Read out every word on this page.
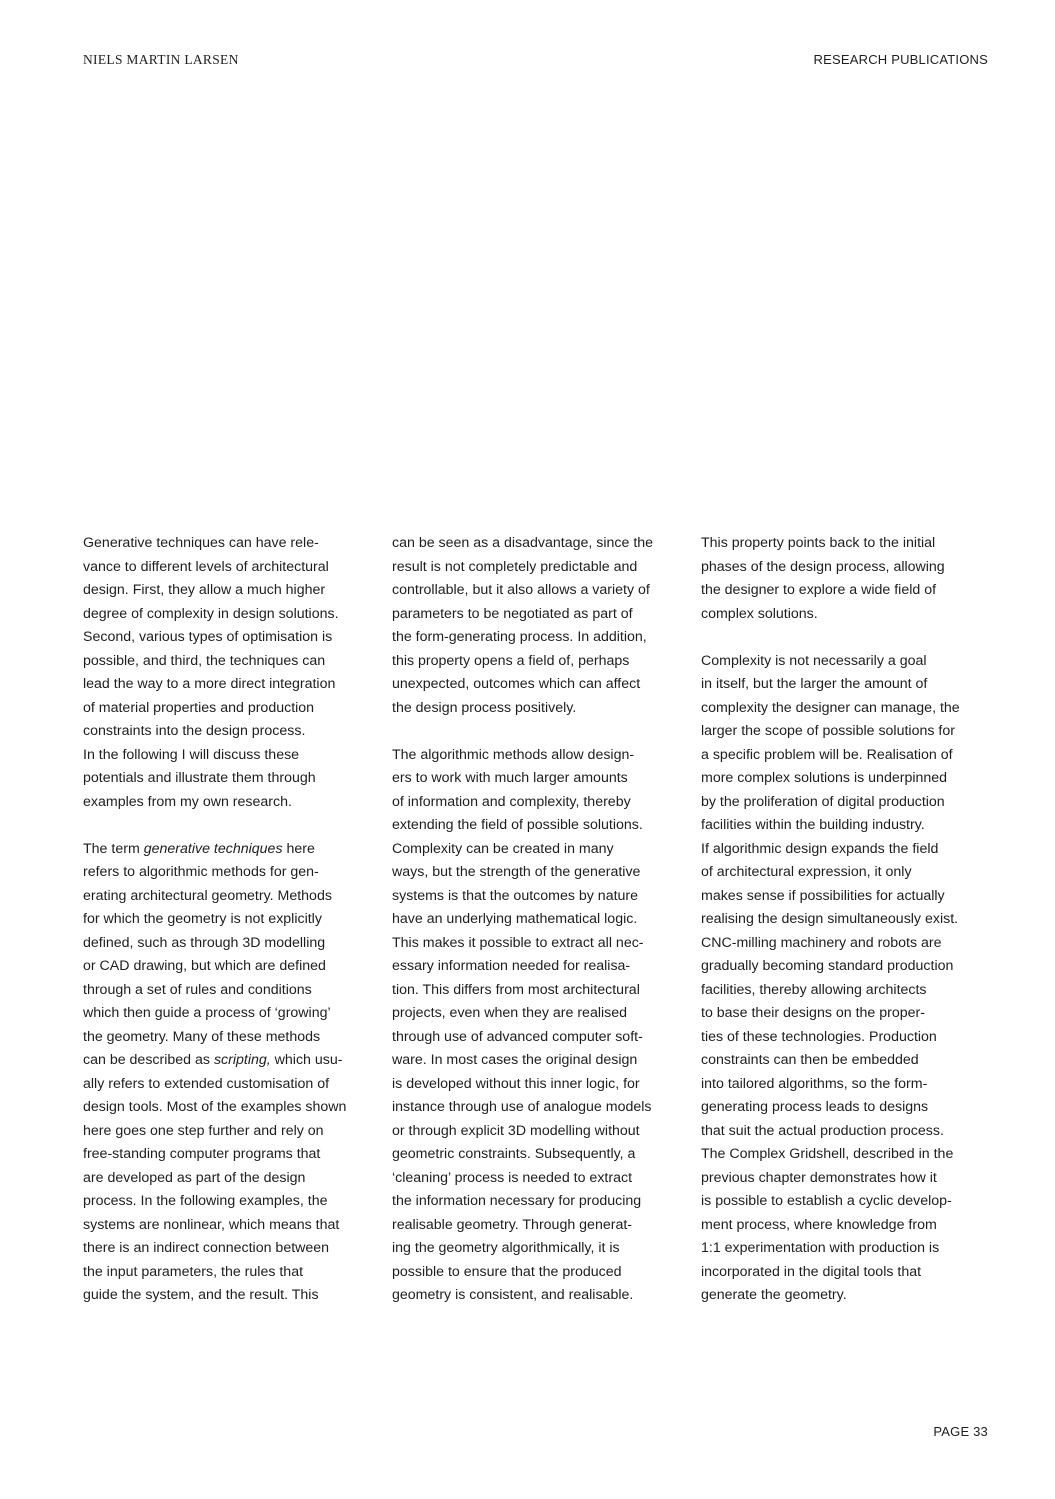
NIELS MARTIN LARSEN	RESEARCH PUBLICATIONS
Generative techniques can have rele-
vance to different levels of architectural
design. First, they allow a much higher
degree of complexity in design solutions.
Second, various types of optimisation is
possible, and third, the techniques can
lead the way to a more direct integration
of material properties and production
constraints into the design process.
In the following I will discuss these
potentials and illustrate them through
examples from my own research.
The term generative techniques here
refers to algorithmic methods for gen-
erating architectural geometry. Methods
for which the geometry is not explicitly
defined, such as through 3D modelling
or CAD drawing, but which are defined
through a set of rules and conditions
which then guide a process of ‘growing’
the geometry. Many of these methods
can be described as scripting, which usu-
ally refers to extended customisation of
design tools. Most of the examples shown
here goes one step further and rely on
free-standing computer programs that
are developed as part of the design
process. In the following examples, the
systems are nonlinear, which means that
there is an indirect connection between
the input parameters, the rules that
guide the system, and the result. This
can be seen as a disadvantage, since the
result is not completely predictable and
controllable, but it also allows a variety of
parameters to be negotiated as part of
the form-generating process. In addition,
this property opens a field of, perhaps
unexpected, outcomes which can affect
the design process positively.
The algorithmic methods allow design-
ers to work with much larger amounts
of information and complexity, thereby
extending the field of possible solutions.
Complexity can be created in many
ways, but the strength of the generative
systems is that the outcomes by nature
have an underlying mathematical logic.
This makes it possible to extract all nec-
essary information needed for realisa-
tion. This differs from most architectural
projects, even when they are realised
through use of advanced computer soft-
ware. In most cases the original design
is developed without this inner logic, for
instance through use of analogue models
or through explicit 3D modelling without
geometric constraints. Subsequently, a
‘cleaning’ process is needed to extract
the information necessary for producing
realisable geometry. Through generat-
ing the geometry algorithmically, it is
possible to ensure that the produced
geometry is consistent, and realisable.
This property points back to the initial
phases of the design process, allowing
the designer to explore a wide field of
complex solutions.
Complexity is not necessarily a goal
in itself, but the larger the amount of
complexity the designer can manage, the
larger the scope of possible solutions for
a specific problem will be. Realisation of
more complex solutions is underpinned
by the proliferation of digital production
facilities within the building industry.
If algorithmic design expands the field
of architectural expression, it only
makes sense if possibilities for actually
realising the design simultaneously exist.
CNC-milling machinery and robots are
gradually becoming standard production
facilities, thereby allowing architects
to base their designs on the proper-
ties of these technologies. Production
constraints can then be embedded
into tailored algorithms, so the form-
generating process leads to designs
that suit the actual production process.
The Complex Gridshell, described in the
previous chapter demonstrates how it
is possible to establish a cyclic develop-
ment process, where knowledge from
1:1 experimentation with production is
incorporated in the digital tools that
generate the geometry.
PAGE 33
